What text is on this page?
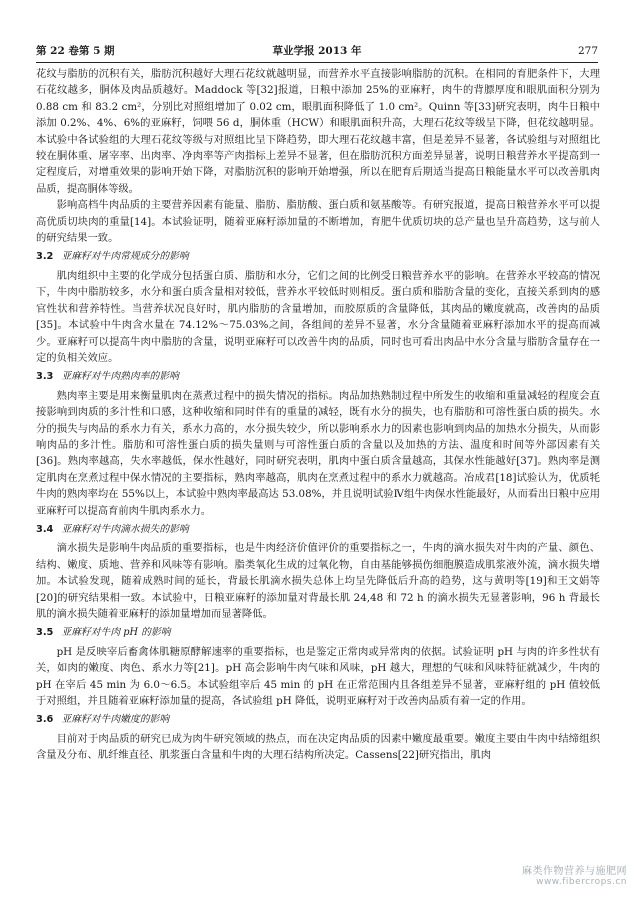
第 22 卷第 5 期	草业学报 2013 年	277

花纹与脂肪的沉积有关，脂肪沉积越好大理石花纹就越明显，而营养水平直接影响脂肪的沉积。在相同的育肥条件下，大理石花纹越多，胴体及肉品质越好。Maddock 等[32]报道，日粮中添加 25%的亚麻籽，肉牛的背膘厚度和眼肌面积分别为 0.88 cm 和 83.2 cm²，分别比对照组增加了 0.02 cm，眼肌面积降低了 1.0 cm²。Quinn 等[33]研究表明，肉牛日粮中添加 0.2%、4%、6%的亚麻籽，饲喂 56 d，胴体重（HCW）和眼肌面积升高，大理石花纹等级呈下降，但花纹越明显。本试验中各试验组的大理石花纹等级与对照组比呈下降趋势，即大理石花纹越丰富，但是差异不显著，各试验组与对照组比较在胴体重、屠宰率、出肉率、净肉率等产肉指标上差异不显著，但在脂肪沉积方面差异显著，说明日粮营养水平提高到一定程度后，对增重效果的影响开始下降，对脂肪沉积的影响开始增强，所以在肥育后期适当提高日粮能量水平可以改善肌肉品质，提高胴体等级。

影响高档牛肉品质的主要营养因素有能量、脂肪、脂肪酸、蛋白质和氨基酸等。有研究报道，提高日粮营养水平可以提高优质切块肉的重量[14]。本试验证明，随着亚麻籽添加量的不断增加，育肥牛优质切块的总产量也呈升高趋势，这与前人的研究结果一致。

3.2 亚麻籽对牛肉常规成分的影响

肌肉组织中主要的化学成分包括蛋白质、脂肪和水分，它们之间的比例受日粮营养水平的影响。在营养水平较高的情况下，牛肉中脂肪较多，水分和蛋白质含量相对较低，营养水平较低时则相反。蛋白质和脂肪含量的变化，直接关系到肉的感官性状和营养特性。当营养状况良好时，肌内脂肪的含量增加，而胶原质的含量降低，其肉品的嫩度就高，改善肉的品质[35]。本试验中牛肉含水量在 74.12%～75.03%之间，各组间的差异不显著，水分含量随着亚麻籽添加水平的提高而减少。亚麻籽可以提高牛肉中脂肪的含量，说明亚麻籽可以改善牛肉的品质，同时也可看出肉品中水分含量与脂肪含量存在一定的负相关效应。

3.3 亚麻籽对牛肉熟肉率的影响

熟肉率主要是用来衡量肌肉在蒸煮过程中的损失情况的指标。肉品加热熟制过程中所发生的收缩和重量减轻的程度会直接影响到肉质的多汁性和口感，这种收缩和同时伴有的重量的减轻，既有水分的损失，也有脂肪和可溶性蛋白质的损失。水分的损失与肉品的系水力有关，系水力高的，水分损失较少，所以影响系水力的因素也影响到肉品的加热水分损失，从而影响肉品的多汁性。脂肪和可溶性蛋白质的损失量则与可溶性蛋白质的含量以及加热的方法、温度和时间等外部因素有关[36]。熟肉率越高，失水率越低，保水性越好，同时研究表明，肌肉中蛋白质含量越高，其保水性能越好[37]。熟肉率是测定肌肉在烹煮过程中保水情况的主要指标，熟肉率越高，肌肉在烹煮过程中的系水力就越高。冶成君[18]试验认为，优质牦牛肉的熟肉率均在 55%以上，本试验中熟肉率最高达 53.08%，并且说明试验Ⅳ组牛肉保水性能最好，从而看出日粮中应用亚麻籽可以提高育前肉牛肌肉系水力。

3.4 亚麻籽对牛肉滴水损失的影响

滴水损失是影响牛肉品质的重要指标，也是牛肉经济价值评价的重要指标之一，牛肉的滴水损失对牛肉的产量、颜色、结构、嫩度、质地、营养和风味等有影响。脂类氧化生成的过氧化物，自由基能够损伤细胞膜造成肌浆液外流，滴水损失增加。本试验发现，随着成熟时间的延长，背最长肌滴水损失总体上均呈先降低后升高的趋势，这与黄明等[19]和王文娟等[20]的研究结果相一致。本试验中，日粮亚麻籽的添加量对背最长肌 24,48 和 72 h 的滴水损失无显著影响，96 h 背最长肌的滴水损失随着亚麻籽的添加量增加而显著降低。

3.5 亚麻籽对牛肉 pH 的影响

pH 是反映宰后畜禽体肌糖原酵解速率的重要指标，也是鉴定正常肉或异常肉的依据。试验证明 pH 与肉的许多性状有关，如肉的嫩度、肉色、系水力等[21]。pH 高会影响牛肉气味和风味，pH 越大，理想的气味和风味特征就减少，牛肉的 pH 在宰后 45 min 为 6.0～6.5。本试验组宰后 45 min 的 pH 在正常范围内且各组差异不显著，亚麻籽组的 pH 值较低于对照组，并且随着亚麻籽添加量的提高，各试验组 pH 降低，说明亚麻籽对于改善肉品质有着一定的作用。

3.6 亚麻籽对牛肉嫩度的影响

目前对于肉品质的研究已成为肉牛研究领域的热点，而在决定肉品质的因素中嫩度最重要。嫩度主要由牛肉中结缔组织含量及分布、肌纤维直径、肌浆蛋白含量和牛肉的大理石结构所决定。Cassens[22]研究指出，肌肉

麻类作物营养与施肥网
www.fibercrops.cn
